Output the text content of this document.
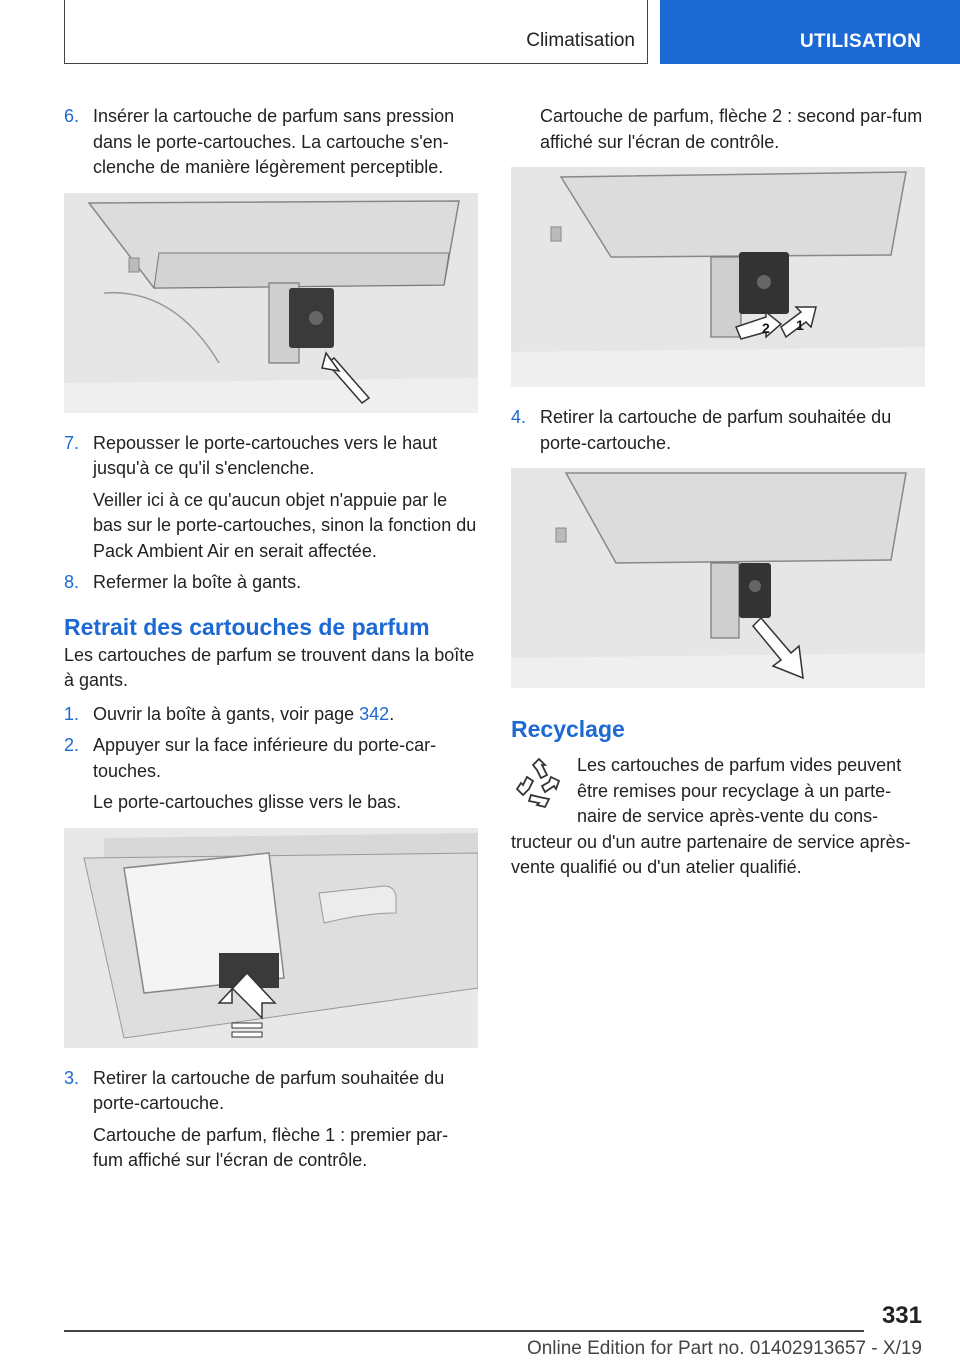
Climatisation	UTILISATION
6. Insérer la cartouche de parfum sans pression dans le porte-cartouches. La cartouche s'en-clenche de manière légèrement perceptible.

7. Repousser le porte-cartouches vers le haut jusqu'à ce qu'il s'enclenche.

Veiller ici à ce qu'aucun objet n'appuie par le bas sur le porte-cartouches, sinon la fonction du Pack Ambient Air en serait affectée.

8. Refermer la boîte à gants.

Retrait des cartouches de parfum

Les cartouches de parfum se trouvent dans la boîte à gants.

1. Ouvrir la boîte à gants, voir page 342.

2. Appuyer sur la face inférieure du porte-car-touches.

Le porte-cartouches glisse vers le bas.

3. Retirer la cartouche de parfum souhaitée du porte-cartouche.

Cartouche de parfum, flèche 1 : premier par-fum affiché sur l'écran de contrôle.

Cartouche de parfum, flèche 2 : second par-fum affiché sur l'écran de contrôle.

2 1
4. Retirer la cartouche de parfum souhaitée du porte-cartouche.

Recyclage
Les cartouches de parfum vides peuvent être remises pour recyclage à un parte-naire de service après-vente du cons-tructeur ou d'un autre partenaire de service après-vente qualifié ou d'un atelier qualifié.
331
Online Edition for Part no. 01402913657 - X/19
